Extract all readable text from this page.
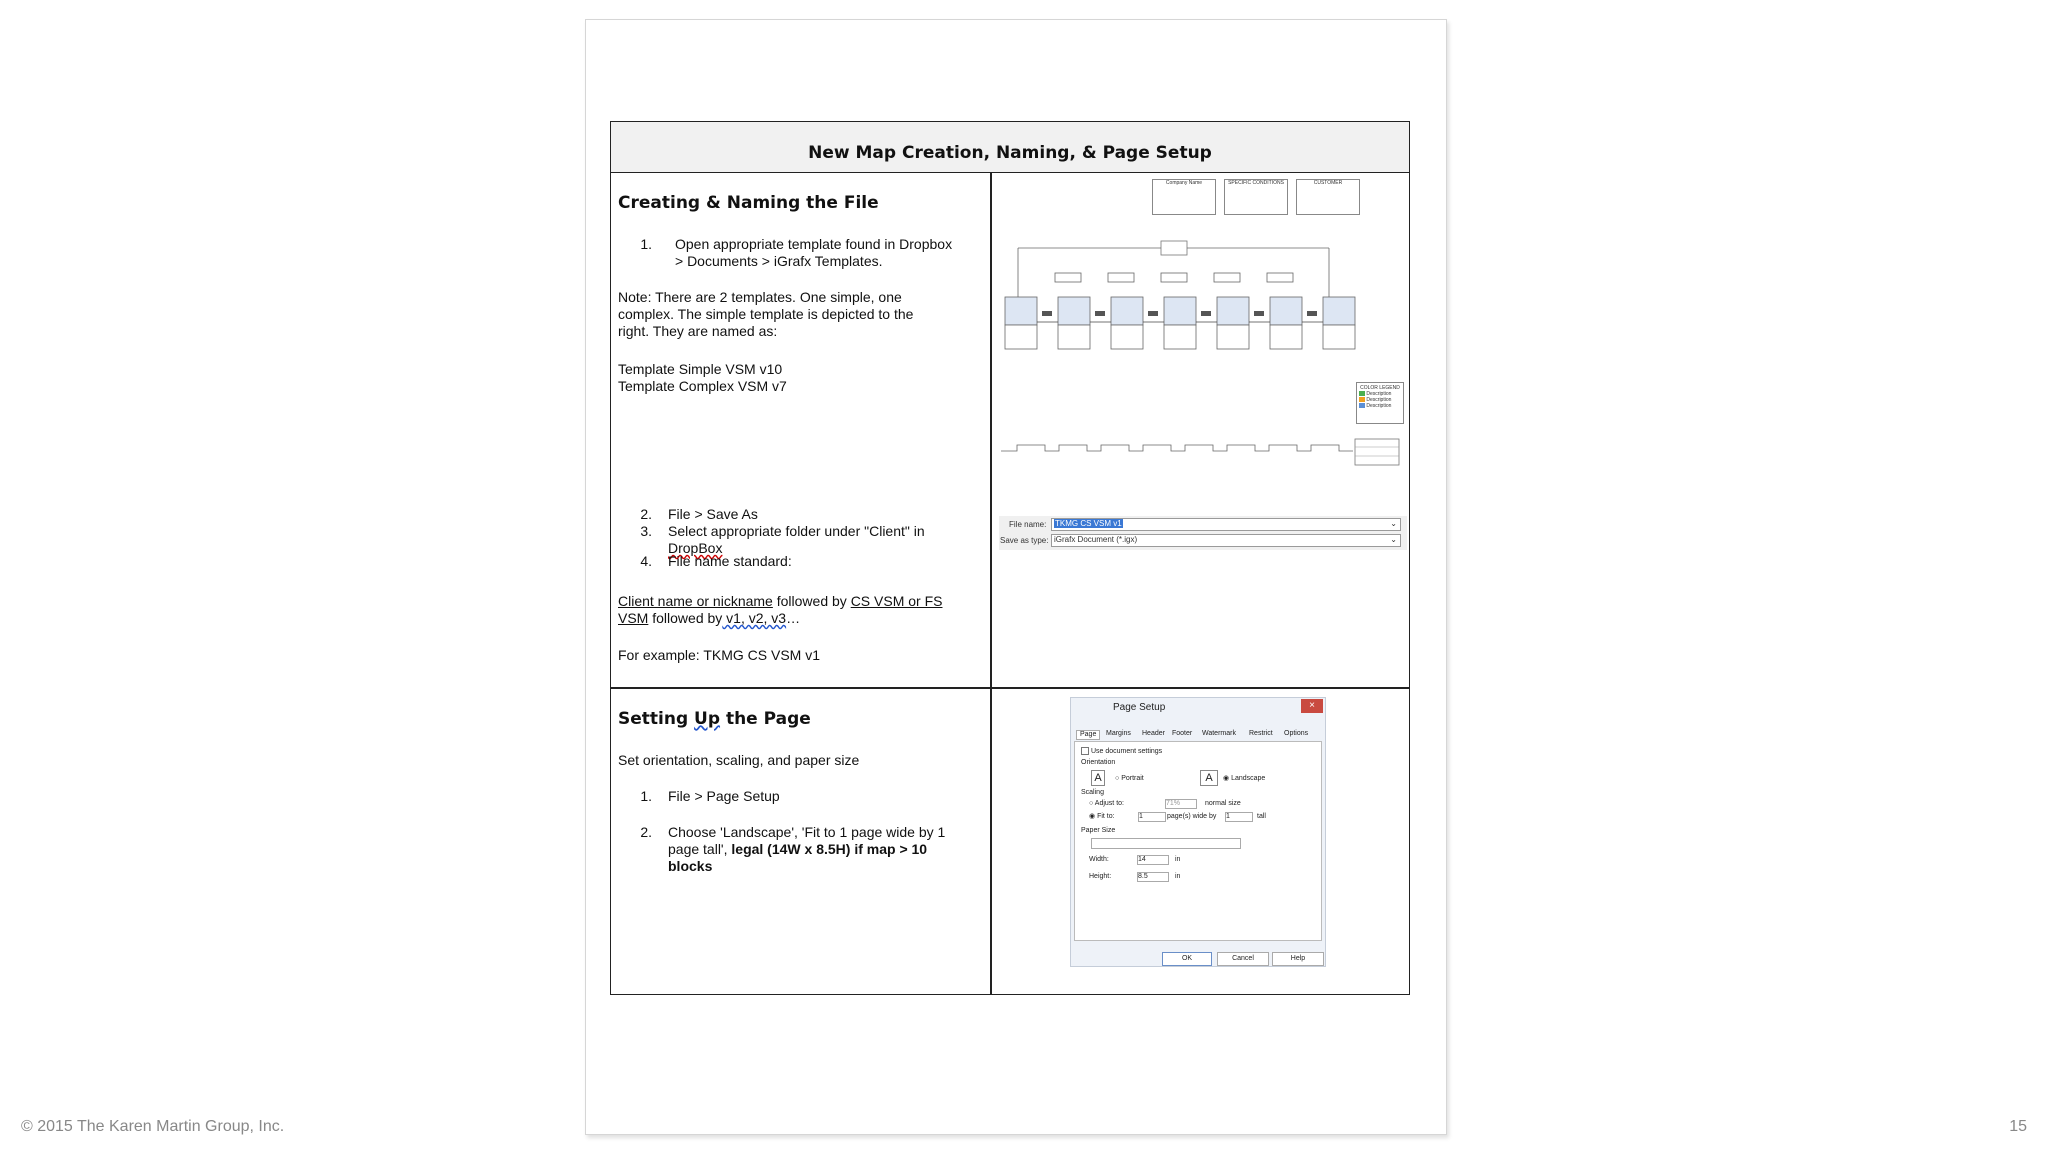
New Map Creation, Naming, & Page Setup
Creating & Naming the File
1. Open appropriate template found in Dropbox
> Documents > iGrafx Templates.
Note: There are 2 templates. One simple, one
complex. The simple template is depicted to the
right. They are named as:
Template Simple VSM v10
Template Complex VSM v7
2. File > Save As
3. Select appropriate folder under "Client" in
DropBox
4. File name standard:
Client name or nickname followed by CS VSM or FS
VSM followed by v1, v2, v3…
For example: TKMG CS VSM v1
Setting Up the Page
Set orientation, scaling, and paper size
1. File > Page Setup
2. Choose 'Landscape', 'Fit to 1 page wide by 1
page tall', legal (14W x 8.5H) if map > 10
blocks
Company Name	SPECIFIC CONDITIONS	CUSTOMER
COLOR LEGEND
Description
Description
Description
File name:	TKMG CS VSM v1	⌄
Save as type: iGrafx Document (*.igx)	⌄
Page Setup	×
Page	Margins Header Footer Watermark Restrict Options
Use document settings
Orientation
A	○ Portrait	A	◉ Landscape
Scaling
○ Adjust to:	71%	normal size
◉ Fit to:	1	page(s) wide by 1	tall
Paper Size
Width:	14	in
Height:	8.5	in
OK	Cancel	Help
© 2015 The Karen Martin Group, Inc.	15
